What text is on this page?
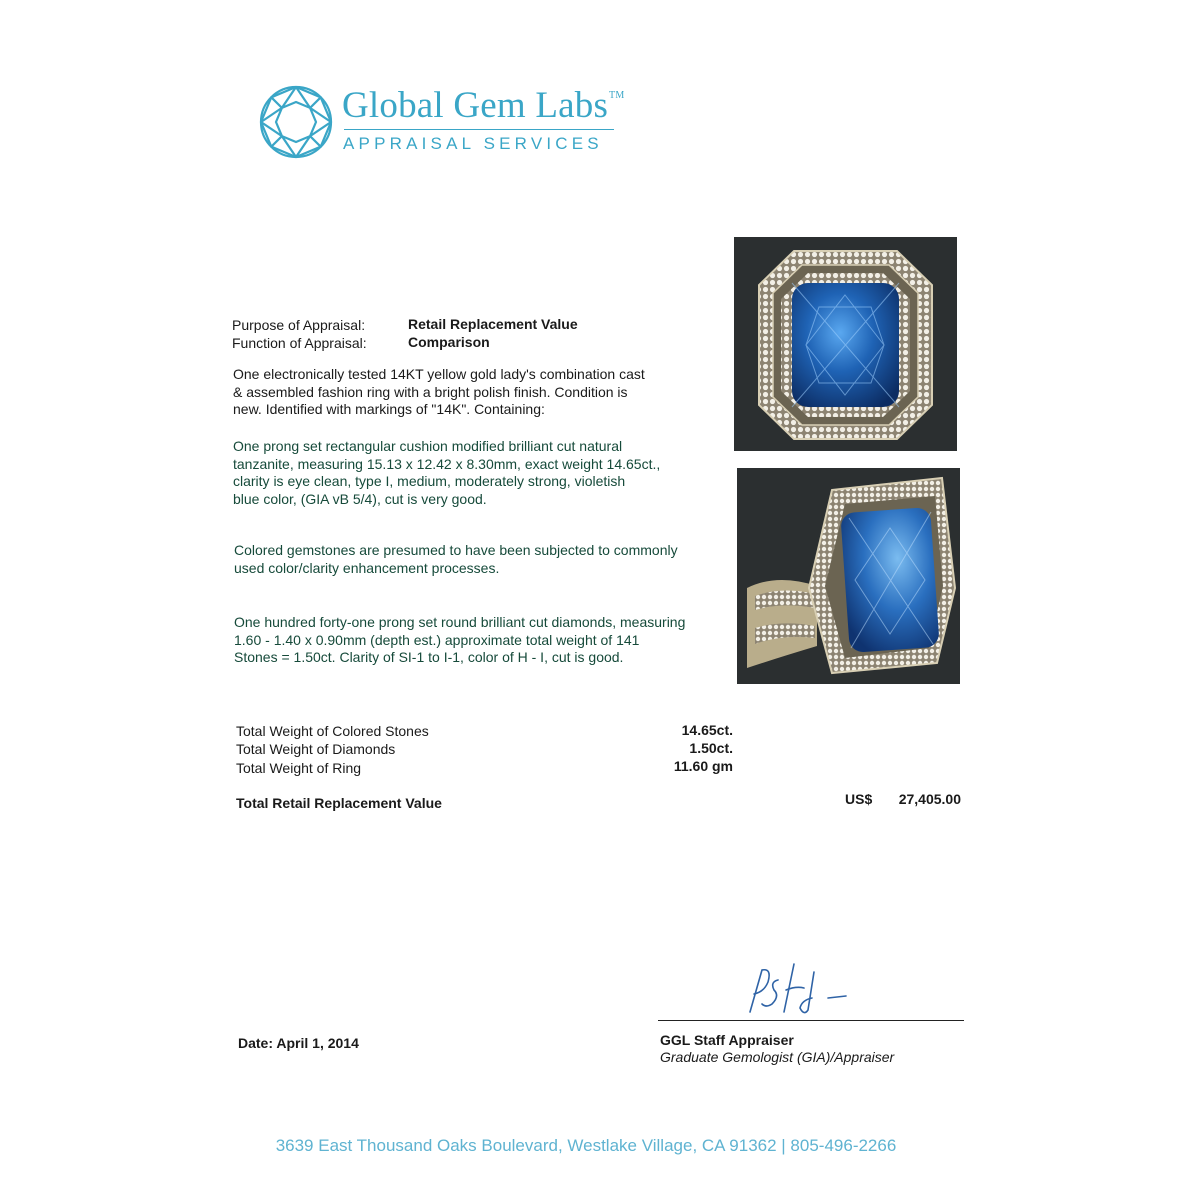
Global Gem Labs™
APPRAISAL SERVICES
Purpose of Appraisal:	Retail Replacement Value
Function of Appraisal:	Comparison
One electronically tested 14KT yellow gold lady's combination cast
& assembled fashion ring with a bright polish finish. Condition is
new. Identified with markings of "14K". Containing:
One prong set rectangular cushion modified brilliant cut natural
tanzanite, measuring 15.13 x 12.42 x 8.30mm, exact weight 14.65ct.,
clarity is eye clean, type I, medium, moderately strong, violetish
blue color, (GIA vB 5/4), cut is very good.
Colored gemstones are presumed to have been subjected to commonly
used color/clarity enhancement processes.
One hundred forty-one prong set round brilliant cut diamonds, measuring
1.60 - 1.40 x 0.90mm (depth est.) approximate total weight of 141
Stones = 1.50ct. Clarity of SI-1 to I-1, color of H - I, cut is good.
Total Weight of Colored Stones	14.65ct.
Total Weight of Diamonds	1.50ct.
Total Weight of Ring	11.60 gm
Total Retail Replacement Value	US$	27,405.00
Date: April 1, 2014	GGL Staff Appraiser
Graduate Gemologist (GIA)/Appraiser
3639 East Thousand Oaks Boulevard, Westlake Village, CA 91362 | 805-496-2266
